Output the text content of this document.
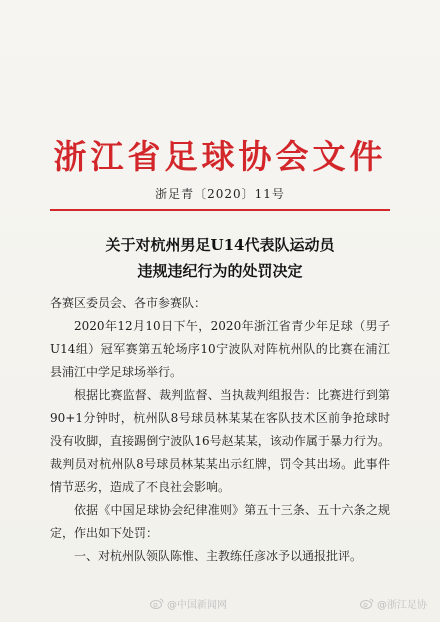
浙江省足球协会文件
浙足青〔2020〕11号
关于对杭州男足U14代表队运动员
违规违纪行为的处罚决定

各赛区委员会、各市参赛队：

2020年12月10日下午，2020年浙江省青少年足球（男子U14组）冠军赛第五轮场序10宁波队对阵杭州队的比赛在浦江县浦江中学足球场举行。

根据比赛监督、裁判监督、当执裁判组报告：比赛进行到第90+1分钟时，杭州队8号球员林某某在客队技术区前争抢球时没有收脚，直接踢倒宁波队16号赵某某，该动作属于暴力行为。裁判员对杭州队8号球员林某某出示红牌，罚令其出场。此事件情节恶劣，造成了不良社会影响。

依据《中国足球协会纪律准则》第五十三条、五十六条之规定，作出如下处罚：

一、对杭州队领队陈惟、主教练任彦冰予以通报批评。

@中国新闻网	@浙江足协
